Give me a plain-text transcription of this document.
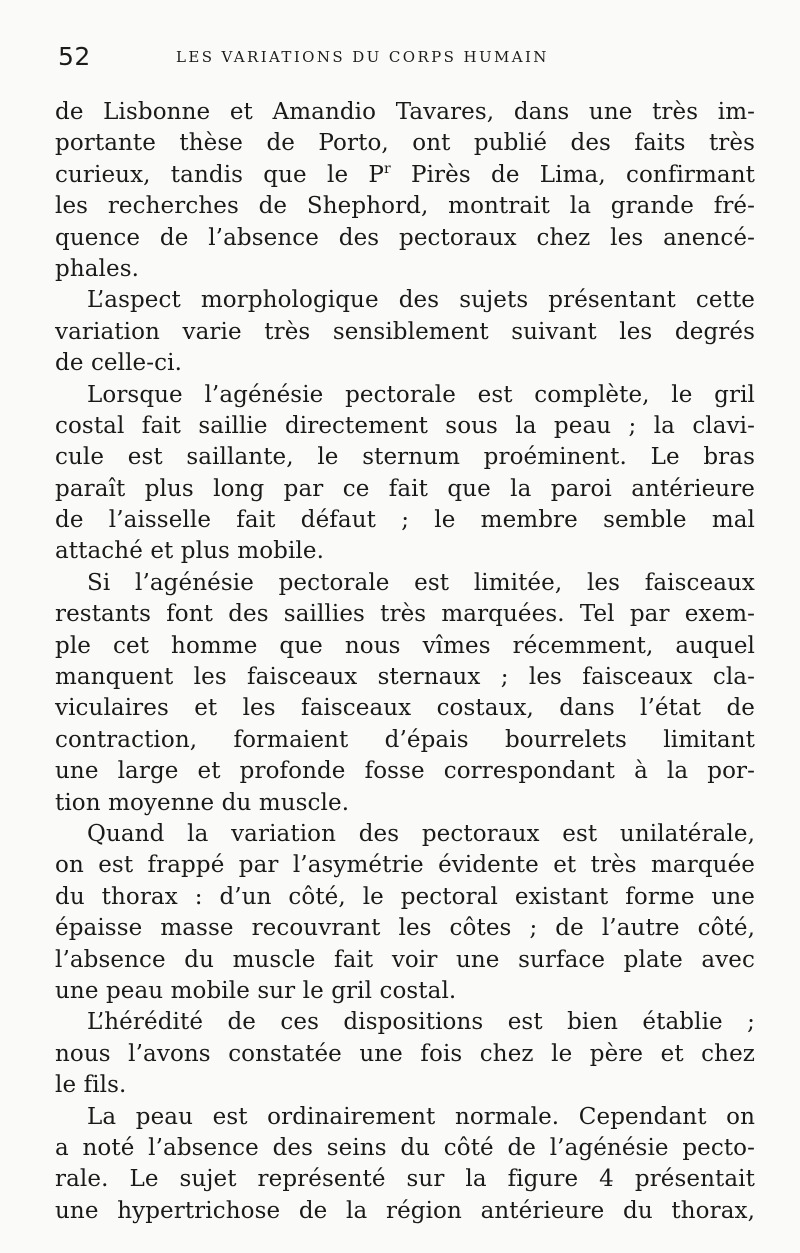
52	LES VARIATIONS DU CORPS HUMAIN
de Lisbonne et Amandio Tavares, dans une très im-
portante thèse de Porto, ont publié des faits très
curieux, tandis que le $P^r$ Pirès de Lima, confirmant
les recherches de Shephord, montrait la grande fré-
quence de l’absence des pectoraux chez les anencé-
phales.
L’aspect morphologique des sujets présentant cette
variation varie très sensiblement suivant les degrés
de celle-ci.
Lorsque l’agénésie pectorale est complète, le gril
costal fait saillie directement sous la peau ; la clavi-
cule est saillante, le sternum proéminent. Le bras
paraît plus long par ce fait que la paroi antérieure
de l’aisselle fait défaut ; le membre semble mal
attaché et plus mobile.
Si l’agénésie pectorale est limitée, les faisceaux
restants font des saillies très marquées. Tel par exem-
ple cet homme que nous vîmes récemment, auquel
manquent les faisceaux sternaux ; les faisceaux cla-
viculaires et les faisceaux costaux, dans l’état de
contraction, formaient d’épais bourrelets limitant
une large et profonde fosse correspondant à la por-
tion moyenne du muscle.
Quand la variation des pectoraux est unilatérale,
on est frappé par l’asymétrie évidente et très marquée
du thorax : d’un côté, le pectoral existant forme une
épaisse masse recouvrant les côtes ; de l’autre côté,
l’absence du muscle fait voir une surface plate avec
une peau mobile sur le gril costal.
L’hérédité de ces dispositions est bien établie ;
nous l’avons constatée une fois chez le père et chez
le fils.
La peau est ordinairement normale. Cependant on
a noté l’absence des seins du côté de l’agénésie pecto-
rale. Le sujet représenté sur la figure 4 présentait
une hypertrichose de la région antérieure du thorax,
